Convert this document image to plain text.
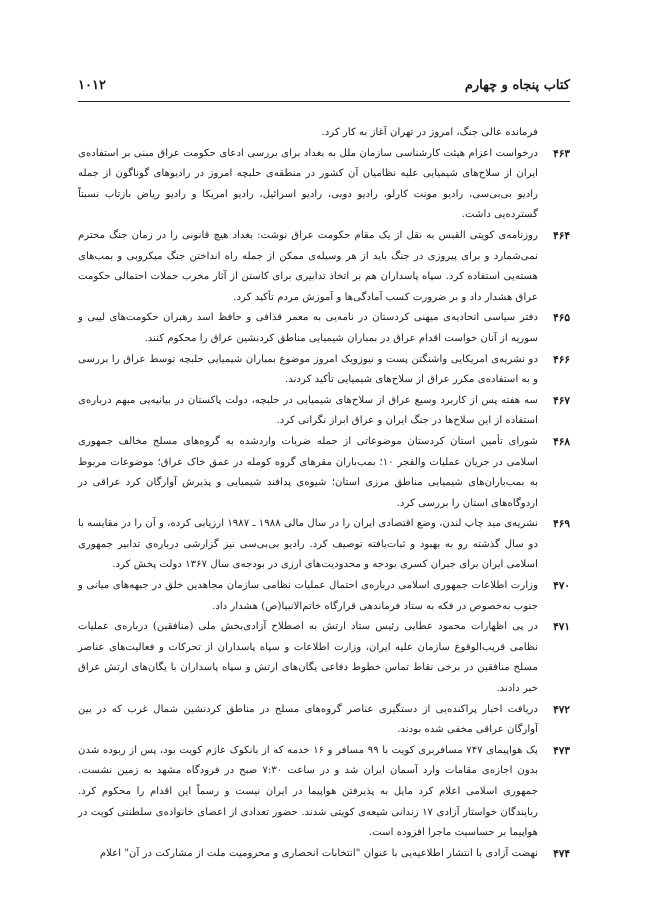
کتاب پنجاه و چهارم
۱۰۱۲
فرمانده عالی جنگ، امروز در تهران آغاز به کار کرد.
۴۶۳
درخواست اعزام هیئت کارشناسی سازمان ملل به بغداد برای بررسی ادعای حکومت عراق مبنی بر استفاده‌ی ایران از سلاح‌های شیمیایی علیه نظامیان آن کشور در منطقه‌ی حلبچه امروز در رادیوهای گوناگون از جمله رادیو بی‌بی‌سی، رادیو مونت کارلو، رادیو دوبی، رادیو اسرائیل، رادیو امریکا و رادیو ریاض بازتاب نسبتاً گسترده‌یی داشت.
۴۶۴
روزنامه‌ی کویتی القبس به نقل از یک مقام حکومت عراق نوشت: بغداد هیچ قانونی را در زمان جنگ محترم نمی‌شمارد و برای پیروزی در جنگ باید از هر وسیله‌ی ممکن از جمله راه انداختن جنگ میکروبی و بمب‌های هسته‌یی استفاده کرد. سپاه پاسداران هم بر اتخاذ تدابیری برای کاستن از آثار مخرب حملات احتمالی حکومت عراق هشدار داد و بر ضرورت کسب آمادگی‌ها و آموزش مردم تأکید کرد.
۴۶۵
دفتر سیاسی اتحادیه‌ی میهنی کردستان در نامه‌یی به معمر قذافی و حافظ اسد رهبران حکومت‌های لیبی و سوریه از آنان خواست اقدام عراق در بمباران شیمیایی مناطق کردنشین عراق را محکوم کنند.
۴۶۶
دو نشریه‌ی امریکایی واشنگتن پست و نیوزویک امروز موضوع بمباران شیمیایی حلبچه توسط عراق را بررسی و به استفاده‌ی مکرر عراق از سلاح‌های شیمیایی تأکید کردند.
۴۶۷
سه هفته پس از کاربرد وسیع عراق از سلاح‌های شیمیایی در حلبچه، دولت پاکستان در بیانیه‌یی مبهم درباره‌ی استفاده از این سلاح‌ها در جنگ ایران و عراق ابراز نگرانی کرد.
۴۶۸
شورای تأمین استان کردستان موضوعاتی از جمله ضربات واردشده به گروه‌های مسلح مخالف جمهوری اسلامی در جریان عملیات والفجر ۱۰؛ بمب‌باران مقرهای گروه کومله در عمق خاک عراق؛ موضوعات مربوط به بمب‌باران‌های شیمیایی مناطق مرزی استان؛ شیوه‌ی پدافند شیمیایی و پذیرش آوارگان کرد عراقی در اردوگاه‌های استان را بررسی کرد.
۴۶۹
نشریه‌ی مید چاپ لندن، وضع اقتصادی ایران را در سال مالی ۱۹۸۸ ـ ۱۹۸۷ ارزیابی کرده، و آن را در مقایسه با دو سال گذشته رو به بهبود و ثبات‌یافته توصیف کرد. رادیو بی‌بی‌سی نیز گزارشی درباره‌ی تدابیر جمهوری اسلامی ایران برای جبران کسری بودجه و محدودیت‌های ارزی در بودجه‌ی سال ۱۳۶۷ دولت پخش کرد.
۴۷۰
وزارت اطلاعات جمهوری اسلامی درباره‌ی احتمال عملیات نظامی سازمان مجاهدین خلق در جبهه‌های میانی و جنوب به‌خصوص در فکه به ستاد فرماندهی قرارگاه خاتم‌الانبیا(ص) هشدار داد.
۴۷۱
در پی اظهارات محمود عطایی رئیس ستاد ارتش به اصطلاح آزادی‌بخش ملی (منافقین) درباره‌ی عملیات نظامی قریب‌الوقوع سازمان علیه ایران، وزارت اطلاعات و سپاه پاسداران از تحرکات و فعالیت‌های عناصر مسلح منافقین در برخی نقاط تماس خطوط دفاعی یگان‌های ارتش و سپاه پاسداران با یگان‌های ارتش عراق خبر دادند.
۴۷۲
دریافت اخبار پراکنده‌یی از دستگیری عناصر گروه‌های مسلح در مناطق کردنشین شمال غرب که در بین آوارگان عراقی مخفی شده بودند.
۴۷۳
یک هواپیمای ۷۴۷ مسافربری کویت با ۹۹ مسافر و ۱۶ خدمه که از بانکوک عازم کویت بود، پس از ربوده شدن بدون اجازه‌ی مقامات وارد آسمان ایران شد و در ساعت ۷:۳۰ صبح در فرودگاه مشهد به زمین نشست. جمهوری اسلامی اعلام کرد مایل به پذیرفتن هواپیما در ایران نیست و رسماً این اقدام را محکوم کرد. ربایندگان خواستار آزادی ۱۷ زندانی شیعه‌ی کویتی شدند. حضور تعدادی از اعضای خانواده‌ی سلطنتی کویت در هواپیما بر حساسیت ماجرا افزوده است.
۴۷۴
نهضت آزادی با انتشار اطلاعیه‌یی با عنوان "انتخابات انحصاری و محرومیت ملت از مشارکت در آن" اعلام
